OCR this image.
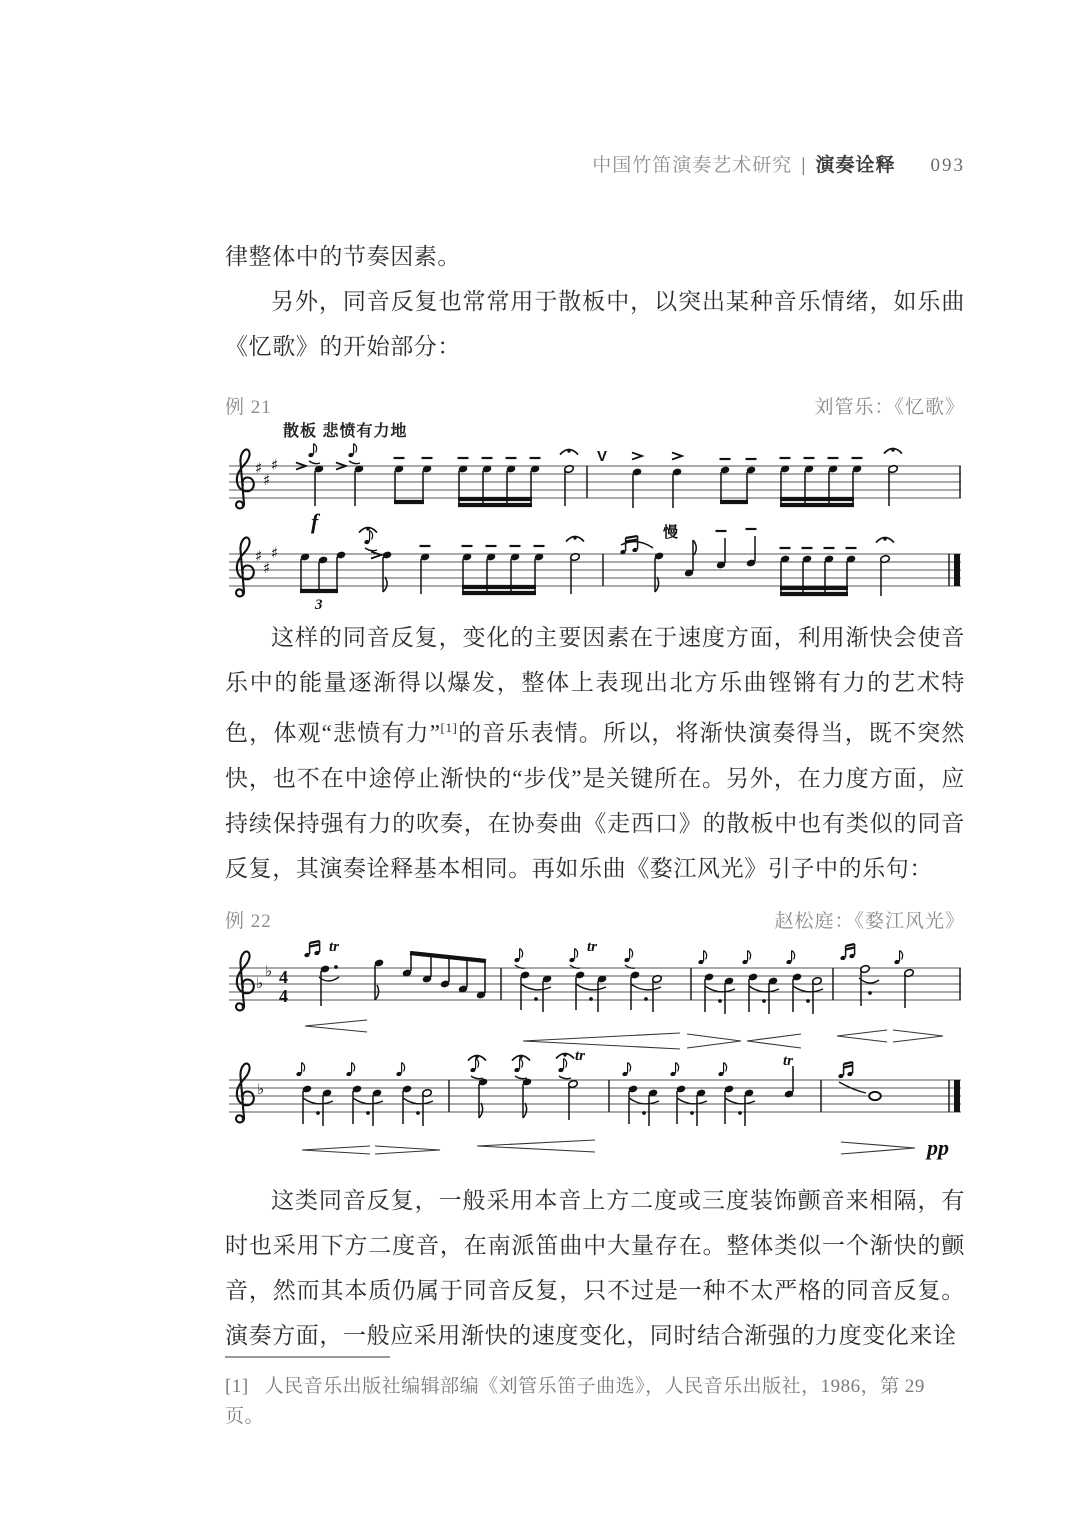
中国竹笛演奏艺术研究 | 演奏诠释 093

律整体中的节奏因素。

另外，同音反复也常常用于散板中，以突出某种音乐情绪，如乐曲《忆歌》的开始部分：

例 21	刘管乐：《忆歌》
散板 悲愤有力地
♯
♯
♯
f
V
♯
♯
♯
3
慢

这样的同音反复，变化的主要因素在于速度方面，利用渐快会使音乐中的能量逐渐得以爆发，整体上表现出北方乐曲铿锵有力的艺术特色，体观“悲愤有力”[1]的音乐表情。所以，将渐快演奏得当，既不突然快，也不在中途停止渐快的“步伐”是关键所在。另外，在力度方面，应持续保持强有力的吹奏，在协奏曲《走西口》的散板中也有类似的同音反复，其演奏诠释基本相同。再如乐曲《婺江风光》引子中的乐句：

例 22	赵松庭：《婺江风光》
♭
♭ 4
4
tr	tr
♭
tr	tr
pp

这类同音反复，一般采用本音上方二度或三度装饰颤音来相隔，有时也采用下方二度音，在南派笛曲中大量存在。整体类似一个渐快的颤音，然而其本质仍属于同音反复，只不过是一种不太严格的同音反复。演奏方面，一般应采用渐快的速度变化，同时结合渐强的力度变化来诠

[1] 人民音乐出版社编辑部编《刘管乐笛子曲选》，人民音乐出版社，1986，第 29 页。
